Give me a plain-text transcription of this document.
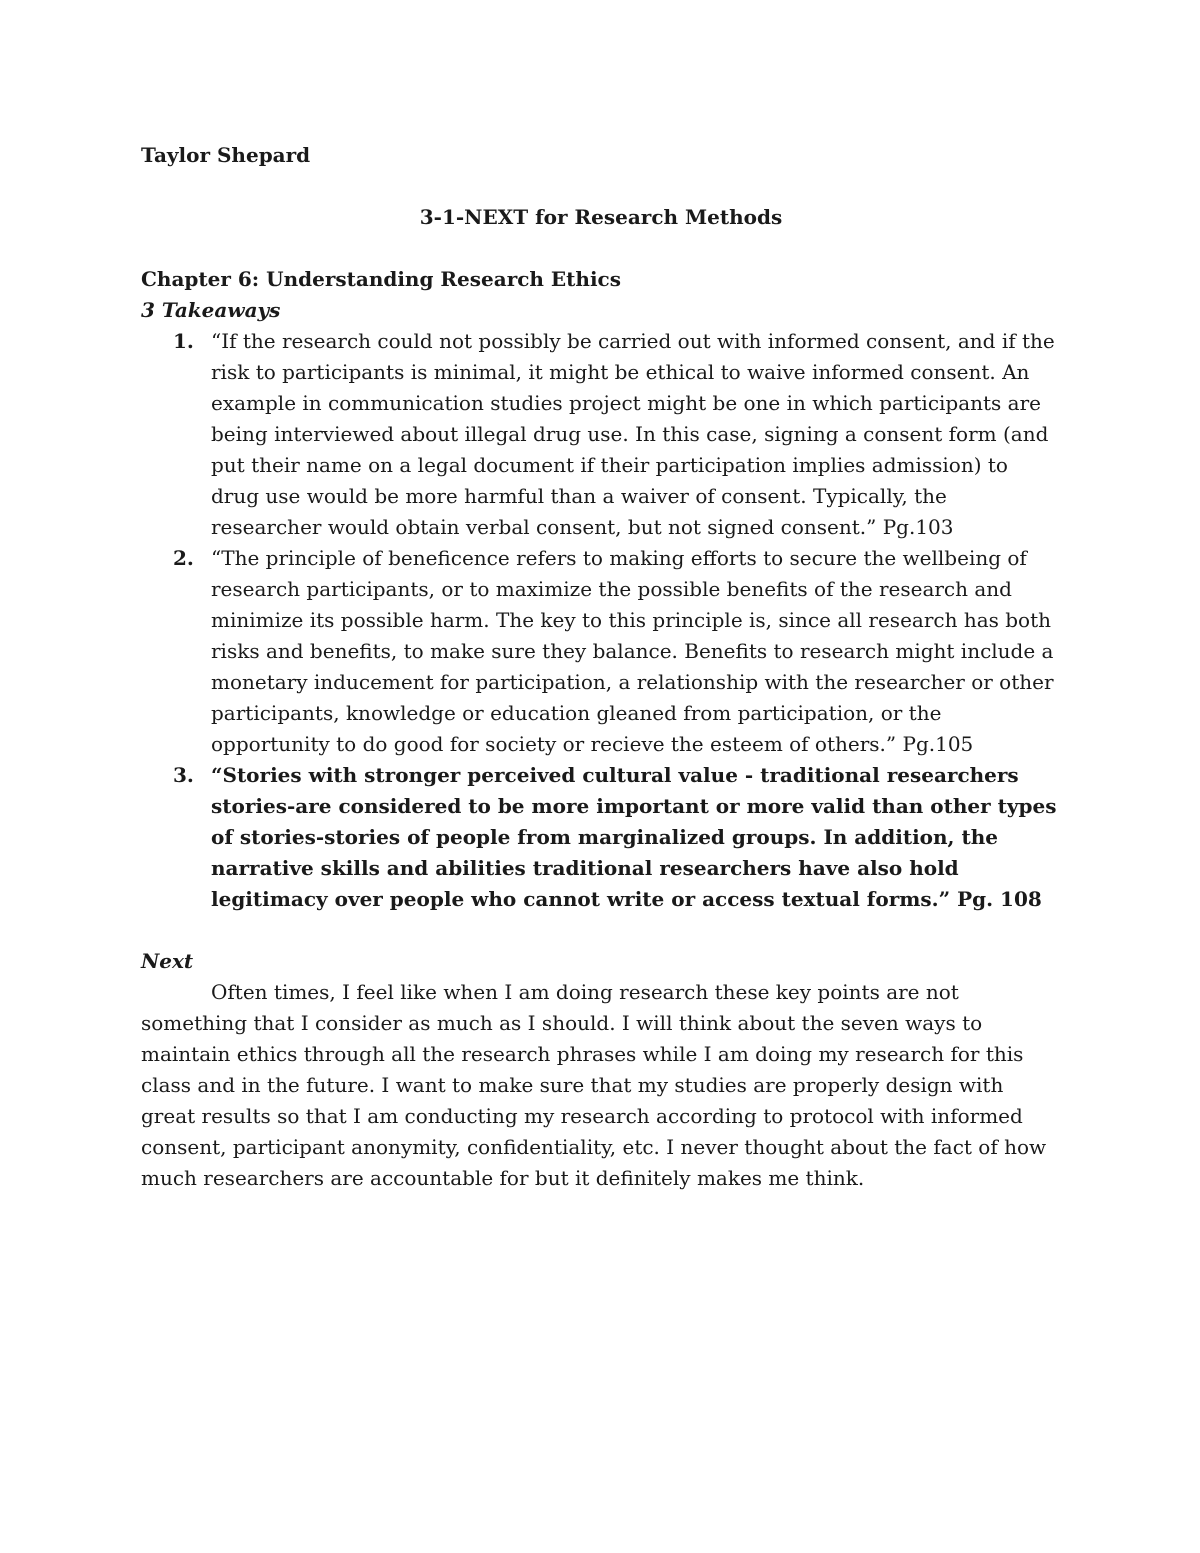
Taylor Shepard

3-1-NEXT for Research Methods

Chapter 6: Understanding Research Ethics

3 Takeaways

1. “If the research could not possibly be carried out with informed consent, and if the risk to participants is minimal, it might be ethical to waive informed consent. An example in communication studies project might be one in which participants are being interviewed about illegal drug use. In this case, signing a consent form (and put their name on a legal document if their participation implies admission) to drug use would be more harmful than a waiver of consent. Typically, the researcher would obtain verbal consent, but not signed consent.” Pg.103

2. “The principle of beneficence refers to making efforts to secure the wellbeing of research participants, or to maximize the possible benefits of the research and minimize its possible harm. The key to this principle is, since all research has both risks and benefits, to make sure they balance. Benefits to research might include a monetary inducement for participation, a relationship with the researcher or other participants, knowledge or education gleaned from participation, or the opportunity to do good for society or recieve the esteem of others.” Pg.105

3. “Stories with stronger perceived cultural value - traditional researchers stories-are considered to be more important or more valid than other types of stories-stories of people from marginalized groups. In addition, the narrative skills and abilities traditional researchers have also hold legitimacy over people who cannot write or access textual forms.” Pg. 108

Next

Often times, I feel like when I am doing research these key points are not something that I consider as much as I should. I will think about the seven ways to maintain ethics through all the research phrases while I am doing my research for this class and in the future. I want to make sure that my studies are properly design with great results so that I am conducting my research according to protocol with informed consent, participant anonymity, confidentiality, etc. I never thought about the fact of how much researchers are accountable for but it definitely makes me think.
